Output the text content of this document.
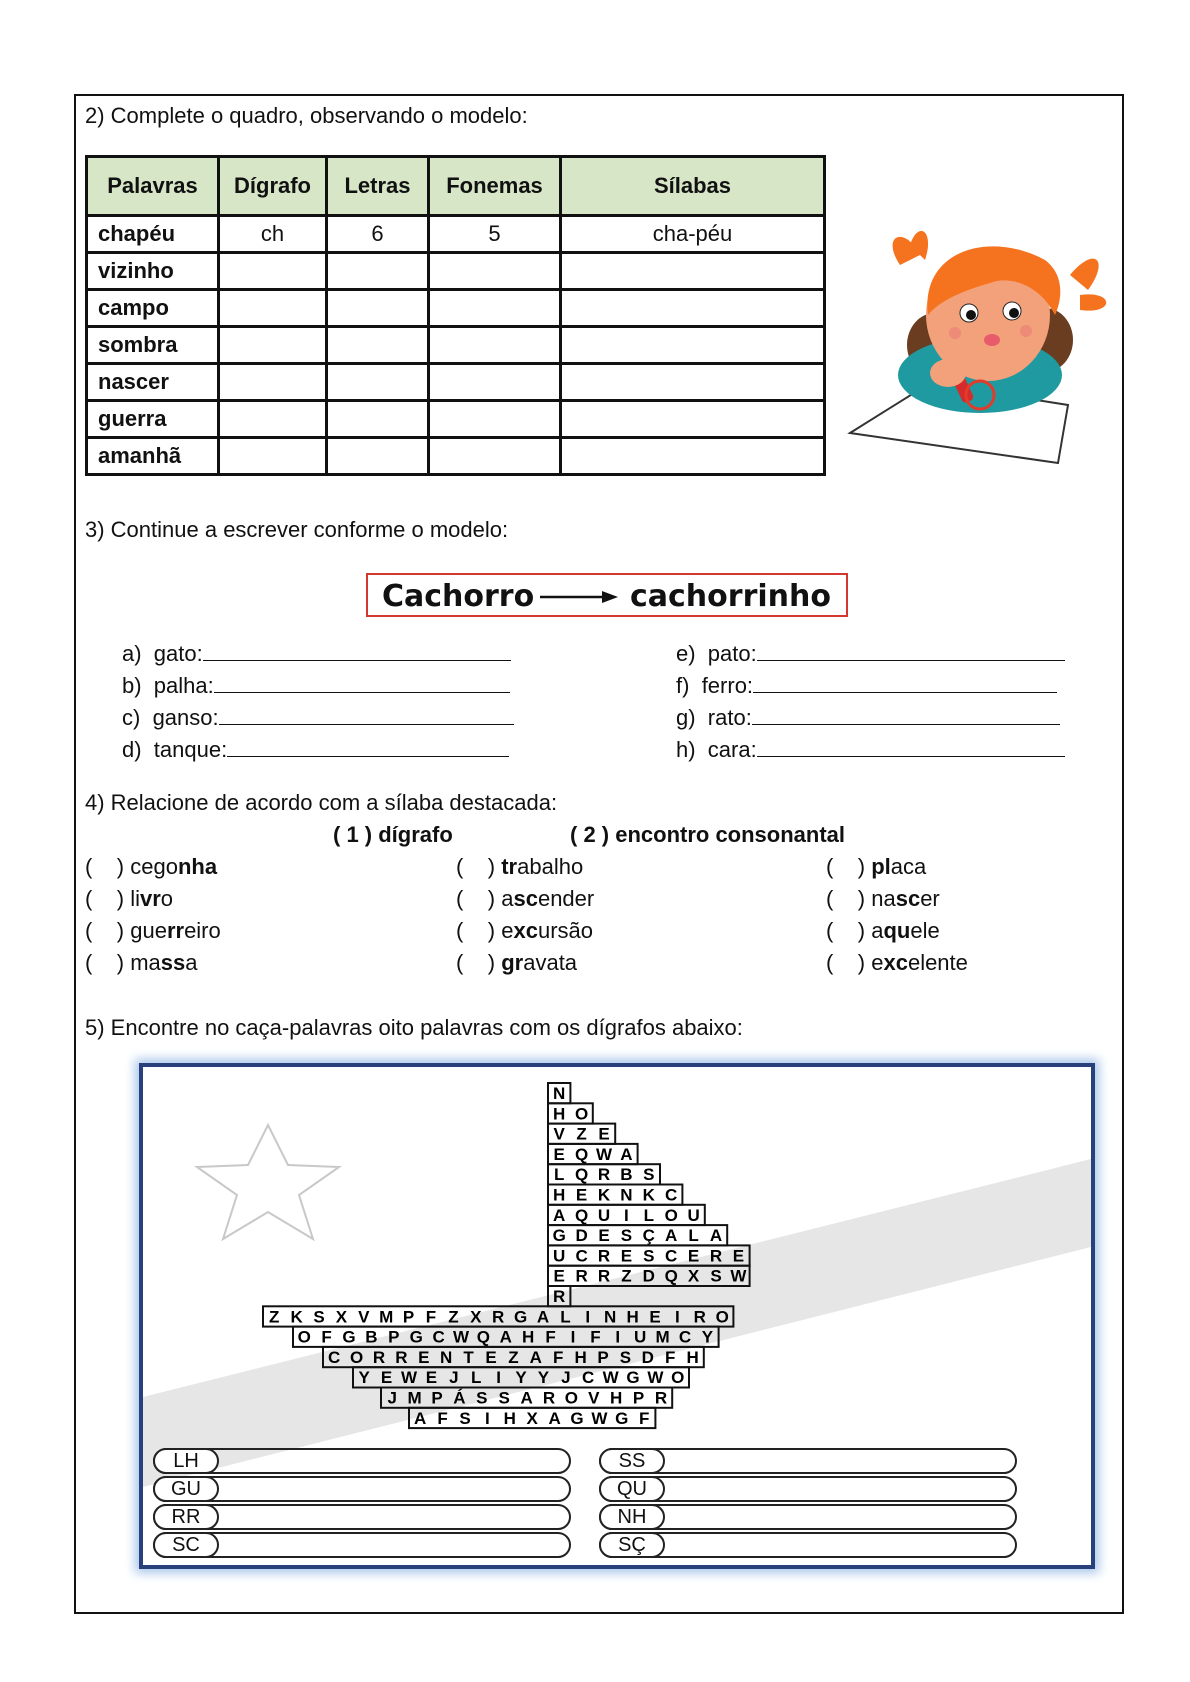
2) Complete o quadro, observando o modelo:
Palavras	Dígrafo	Letras	Fonemas	Sílabas
chapéu	ch	6	5	cha-péu
vizinho				
campo				
sombra				
nascer				
guerra				
amanhã				
3) Continue a escrever conforme o modelo:
Cachorro	cachorrinho
a) gato:
b) palha:
c) ganso:
d) tanque:
e) pato:
f) ferro:
g) rato:
h) cara:
4) Relacione de acordo com a sílaba destacada:
( 1 ) dígrafo	( 2 ) encontro consonantal
(    ) cegonha
(    ) livro
(    ) guerreiro
(    ) massa
(    ) trabalho
(    ) ascender
(    ) excursão
(    ) gravata
(    ) placa
(    ) nascer
(    ) aquele
(    ) excelente
5) Encontre no caça-palavras oito palavras com os dígrafos abaixo:
N
H O
V Z E
E Q W A
L Q R B S
H E K N K C
A Q U I L O U
G D E S Ç A L A
U C R E S C E R E
E R R Z D Q X S W
R
Z K S X V M P F Z X R G A L I N H E I R O
O F G B P G C W Q A H F I F I U M C Y
C O R R E N T E Z A F H P S D F H
Y E W E J L I Y Y J C W G W O
J M P Á S S A R O V H P R
A F S I H X A G W G F
LH
GU
RR
SC
SS
QU
NH
SÇ
